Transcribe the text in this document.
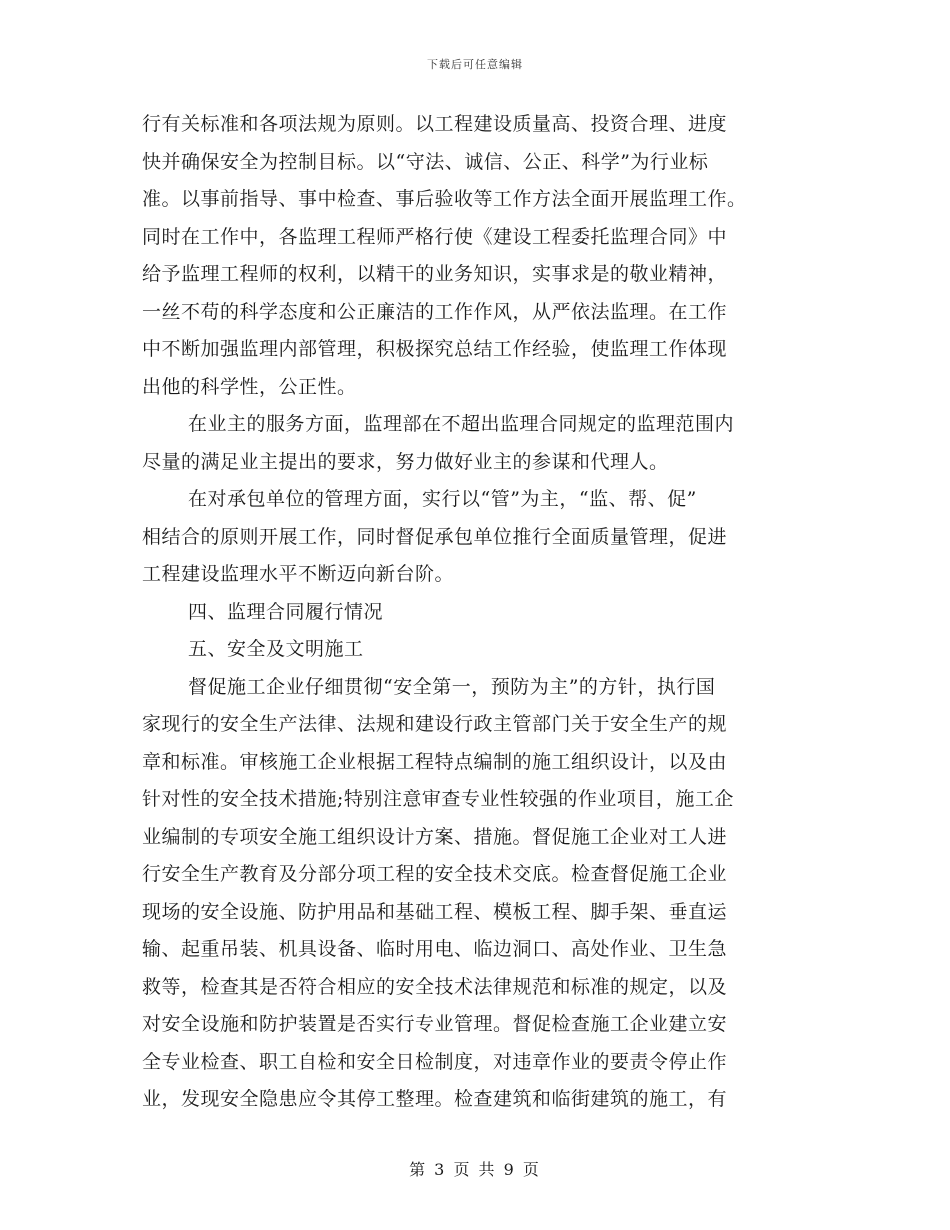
下载后可任意编辑
行有关标准和各项法规为原则。以工程建设质量高、投资合理、进度
快并确保安全为控制目标。以“守法、诚信、公正、科学”为行业标
准。以事前指导、事中检查、事后验收等工作方法全面开展监理工作。
同时在工作中，各监理工程师严格行使《建设工程委托监理合同》中
给予监理工程师的权利，以精干的业务知识，实事求是的敬业精神，
一丝不苟的科学态度和公正廉洁的工作作风，从严依法监理。在工作
中不断加强监理内部管理，积极探究总结工作经验，使监理工作体现
出他的科学性，公正性。
在业主的服务方面，监理部在不超出监理合同规定的监理范围内
尽量的满足业主提出的要求，努力做好业主的参谋和代理人。
在对承包单位的管理方面，实行以“管”为主，“监、帮、促”
相结合的原则开展工作，同时督促承包单位推行全面质量管理，促进
工程建设监理水平不断迈向新台阶。
四、监理合同履行情况
五、安全及文明施工
督促施工企业仔细贯彻“安全第一，预防为主”的方针，执行国
家现行的安全生产法律、法规和建设行政主管部门关于安全生产的规
章和标准。审核施工企业根据工程特点编制的施工组织设计，以及由
针对性的安全技术措施;特别注意审查专业性较强的作业项目，施工企
业编制的专项安全施工组织设计方案、措施。督促施工企业对工人进
行安全生产教育及分部分项工程的安全技术交底。检查督促施工企业
现场的安全设施、防护用品和基础工程、模板工程、脚手架、垂直运
输、起重吊装、机具设备、临时用电、临边洞口、高处作业、卫生急
救等，检查其是否符合相应的安全技术法律规范和标准的规定，以及
对安全设施和防护装置是否实行专业管理。督促检查施工企业建立安
全专业检查、职工自检和安全日检制度，对违章作业的要责令停止作
业，发现安全隐患应令其停工整理。检查建筑和临街建筑的施工，有
第 3 页 共 9 页
